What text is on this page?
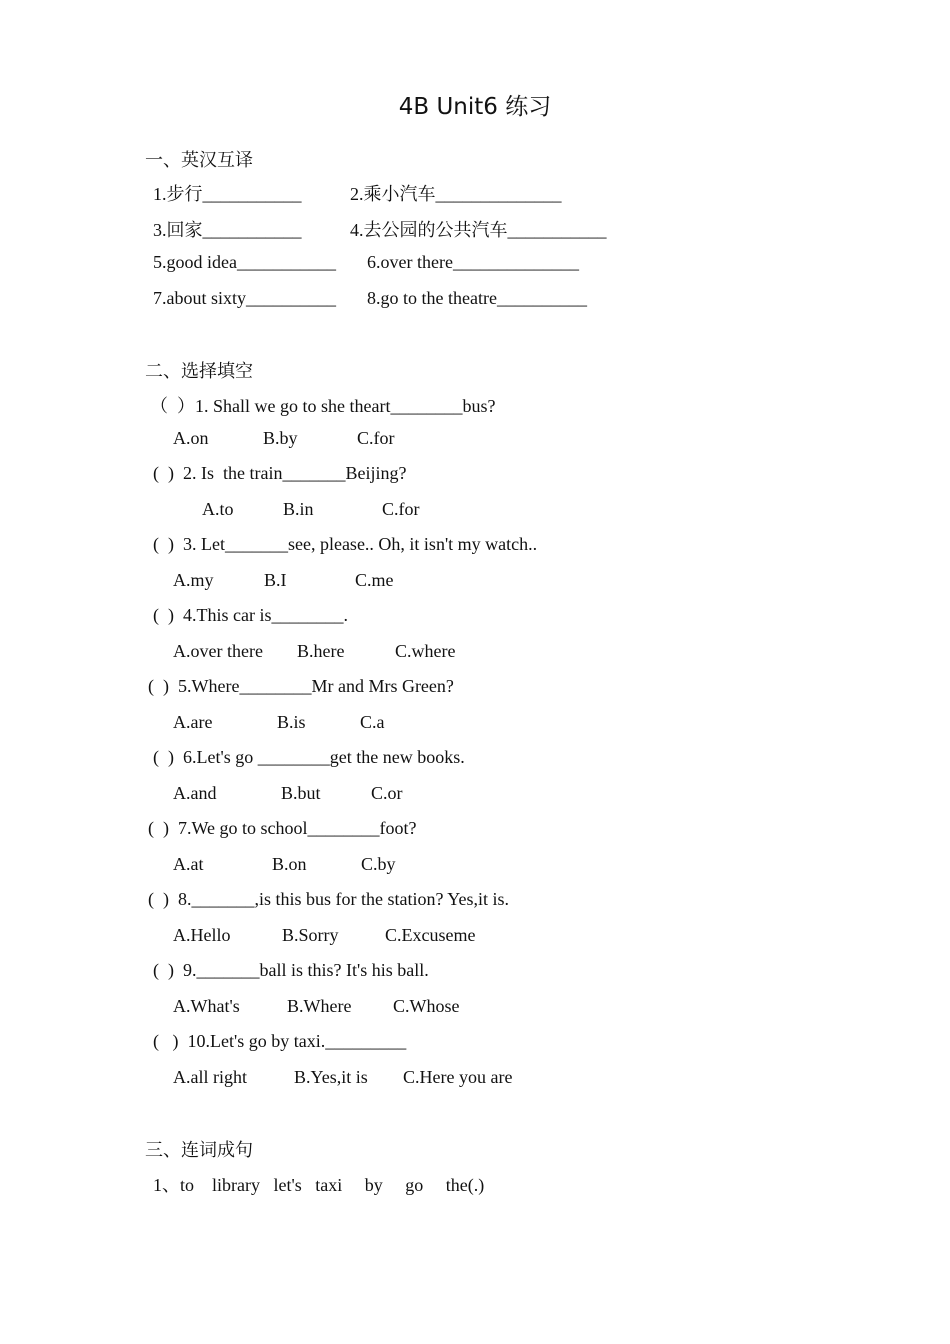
4B Unit6 练习
一、英汉互译
1.步行___________	2.乘小汽车______________
3.回家___________	4.去公园的公共汽车___________
5.good idea___________ 6.over there______________
7.about sixty__________ 8.go to the theatre__________
二、选择填空
（  ）1. Shall we go to she theart________bus?
A.on	B.by	C.for
(  )  2. Is  the train_______Beijing?
A.to	B.in	C.for
(  )  3. Let_______see, please.. Oh, it isn't my watch..
A.my	B.I	C.me
(  )  4.This car is________.
A.over there B.here	C.where
(  )  5.Where________Mr and Mrs Green?
A.are	B.is	C.a
(  )  6.Let's go ________get the new books.
A.and	B.but	C.or
(  )  7.We go to school________foot?
A.at	B.on	C.by
(  )  8._______,is this bus for the station? Yes,it is.
A.Hello	B.Sorry	C.Excuseme
(  )  9._______ball is this? It's his ball.
A.What's	B.Where C.Whose
(   )  10.Let's go by taxi._________
A.all right	B.Yes,it is C.Here you are
三、连词成句
1、to    library   let's   taxi     by     go     the(.)
